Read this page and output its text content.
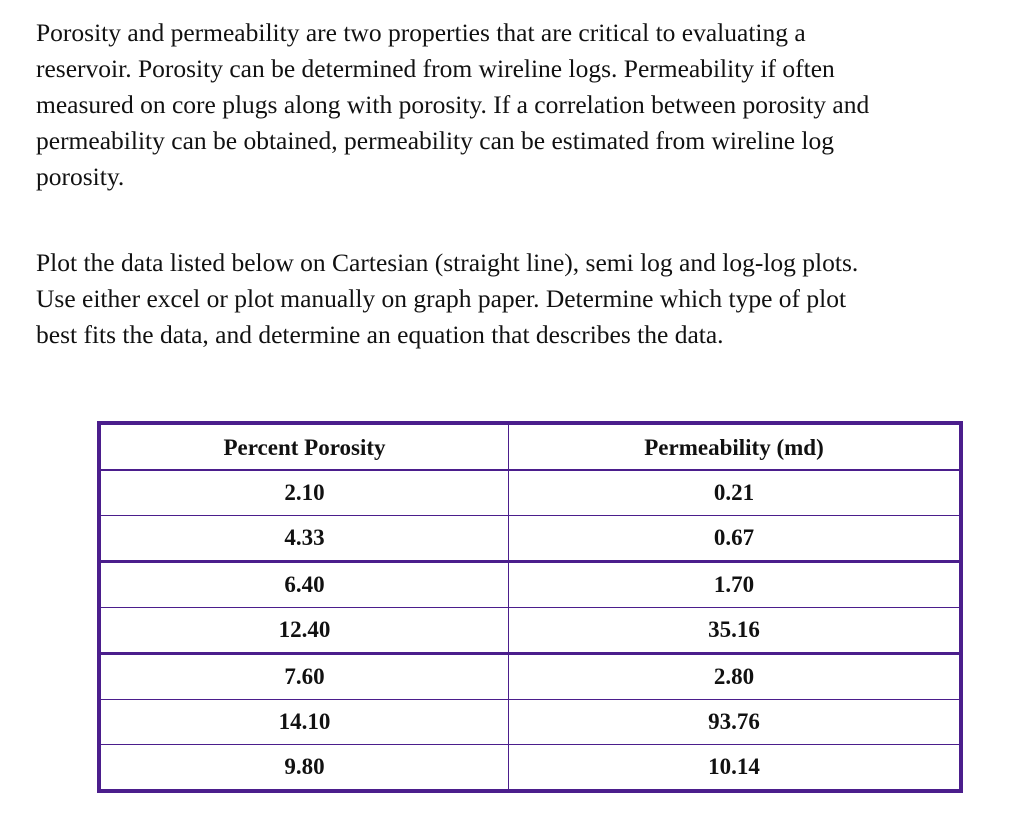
Porosity and permeability are two properties that are critical to evaluating a
reservoir. Porosity can be determined from wireline logs. Permeability if often
measured on core plugs along with porosity. If a correlation between porosity and
permeability can be obtained, permeability can be estimated from wireline log
porosity.

Plot the data listed below on Cartesian (straight line), semi log and log-log plots.
Use either excel or plot manually on graph paper. Determine which type of plot
best fits the data, and determine an equation that describes the data.

Percent Porosity	Permeability (md)
2.10	0.21
4.33	0.67
6.40	1.70
12.40	35.16
7.60	2.80
14.10	93.76
9.80	10.14
